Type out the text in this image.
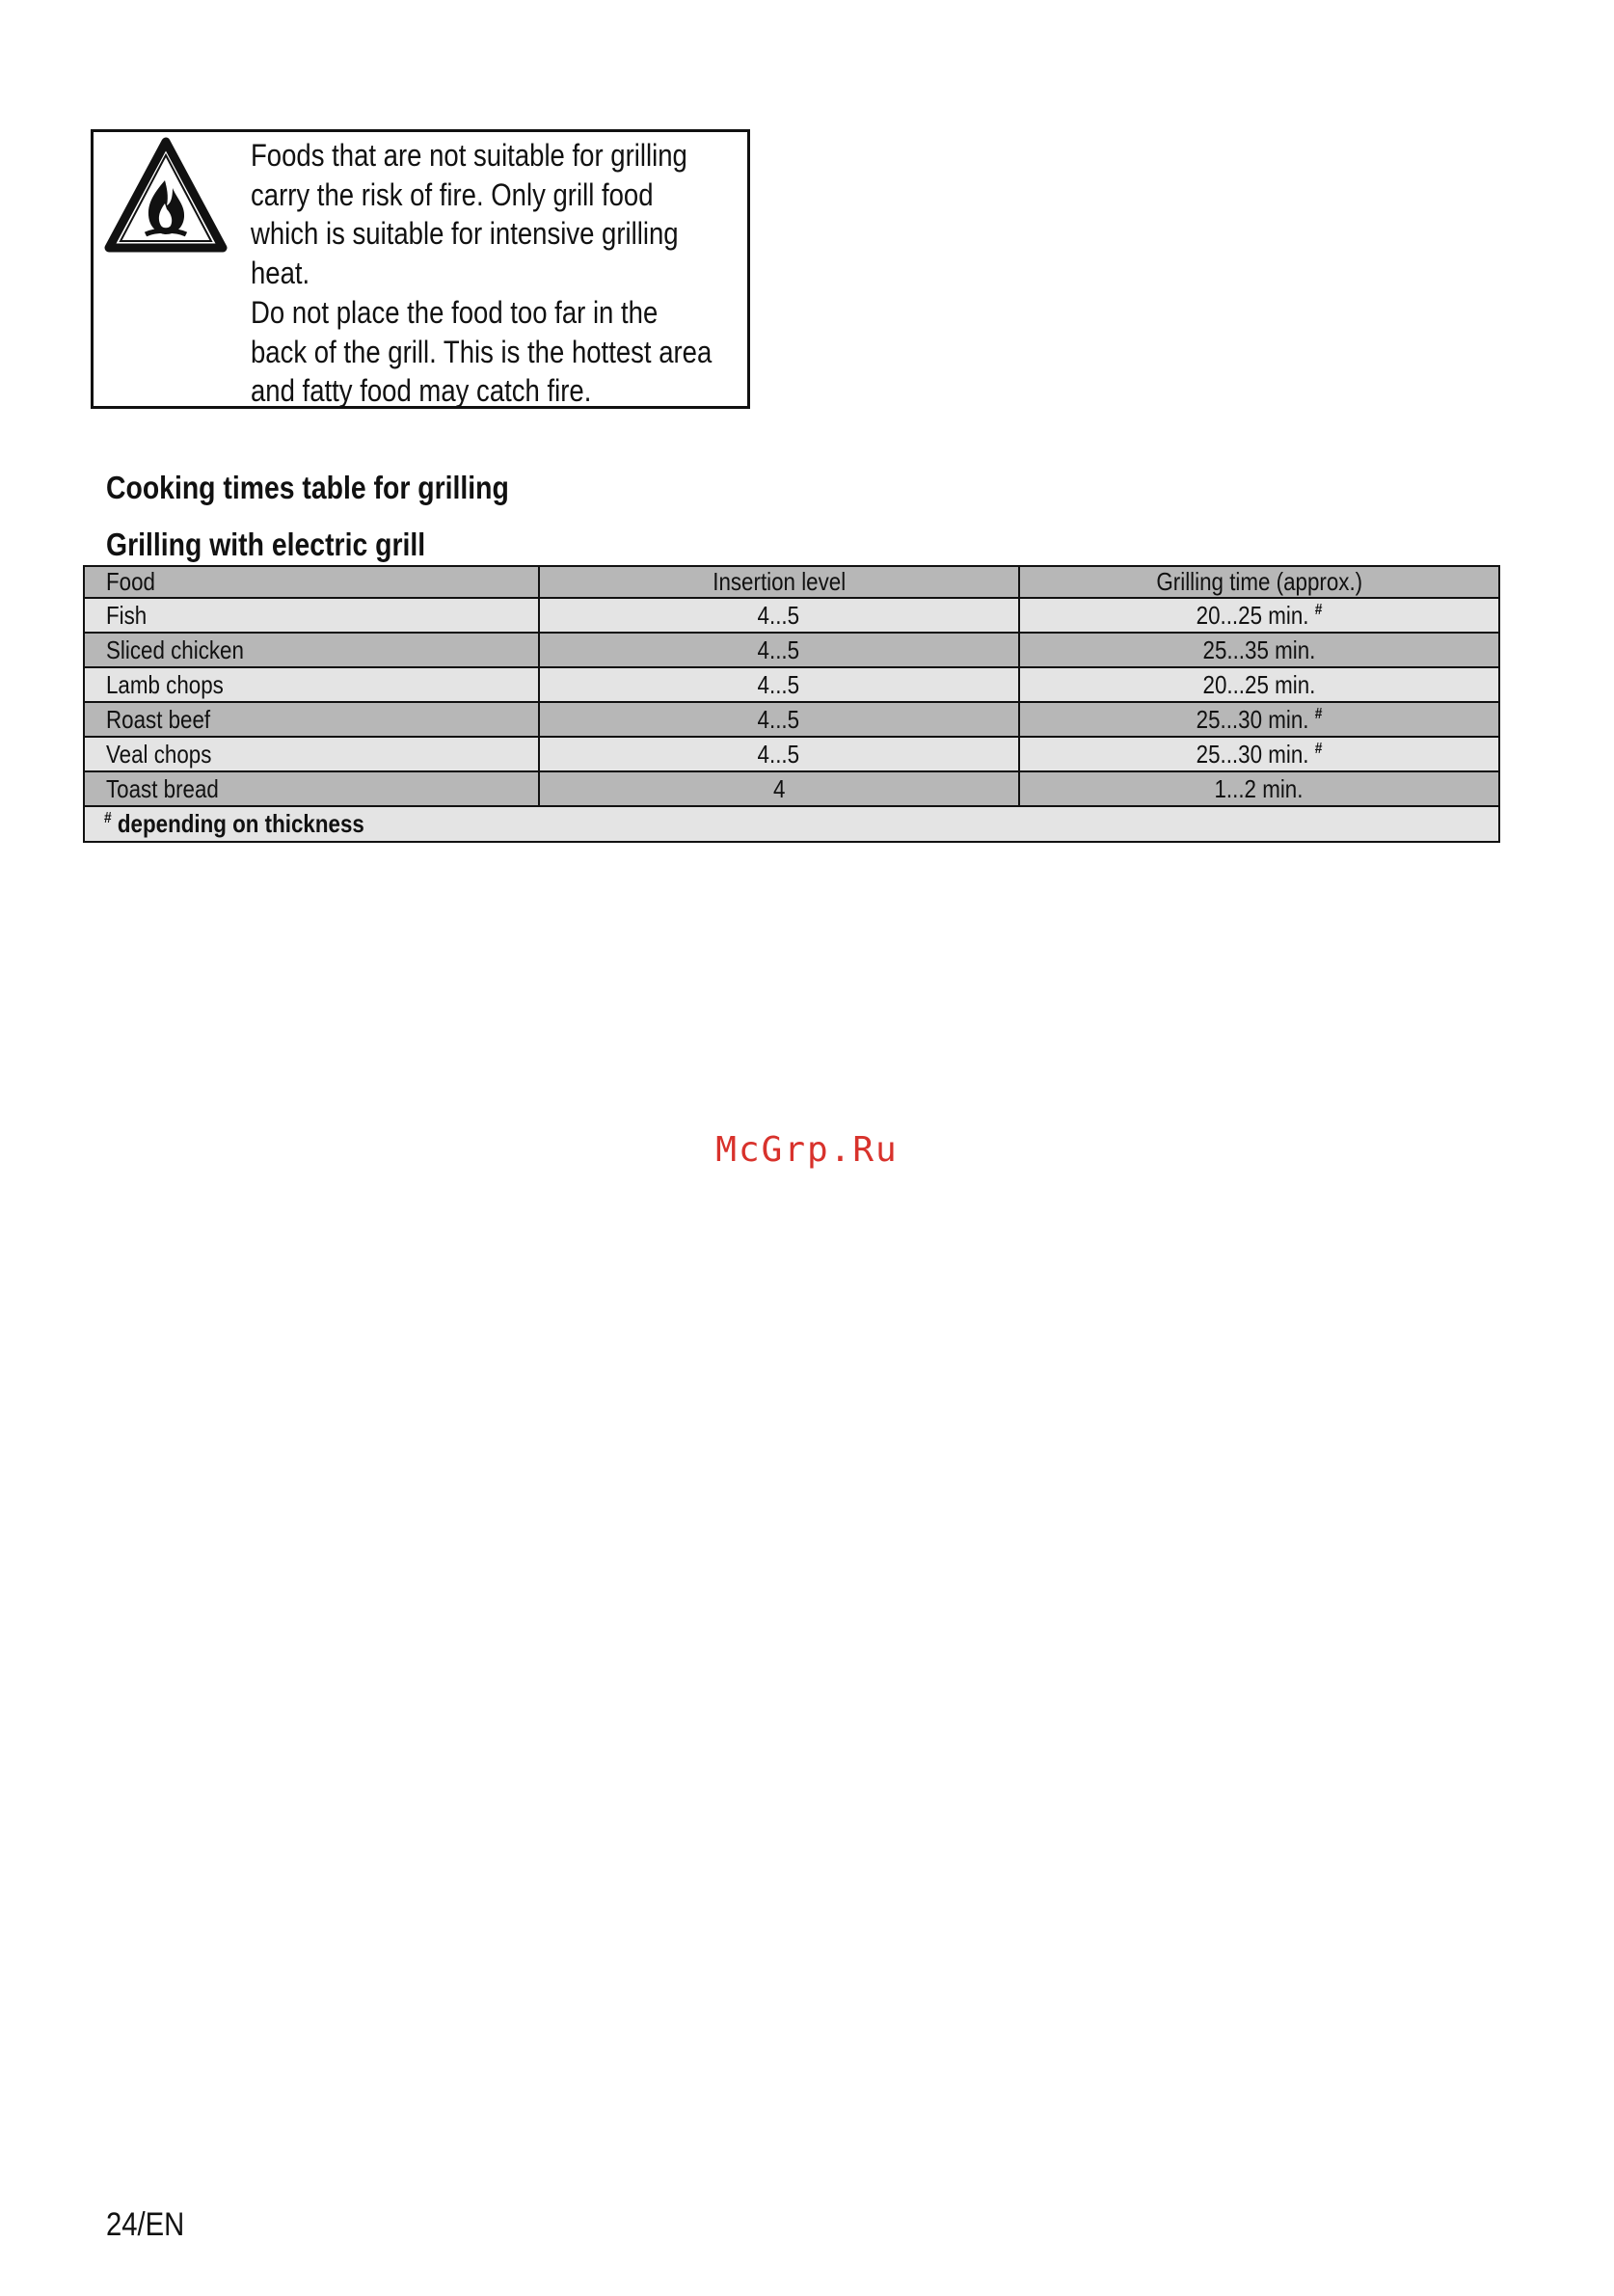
Foods that are not suitable for grilling
carry the risk of fire. Only grill food
which is suitable for intensive grilling
heat.
Do not place the food too far in the
back of the grill. This is the hottest area
and fatty food may catch fire.
Cooking times table for grilling
Grilling with electric grill
Food	Insertion level	Grilling time (approx.)
Fish	4...5	20...25 min. #
Sliced chicken	4...5	25...35 min.
Lamb chops	4...5	20...25 min.
Roast beef	4...5	25...30 min. #
Veal chops	4...5	25...30 min. #
Toast bread	4	1...2 min.
# depending on thickness		
McGrp.Ru
24/EN
